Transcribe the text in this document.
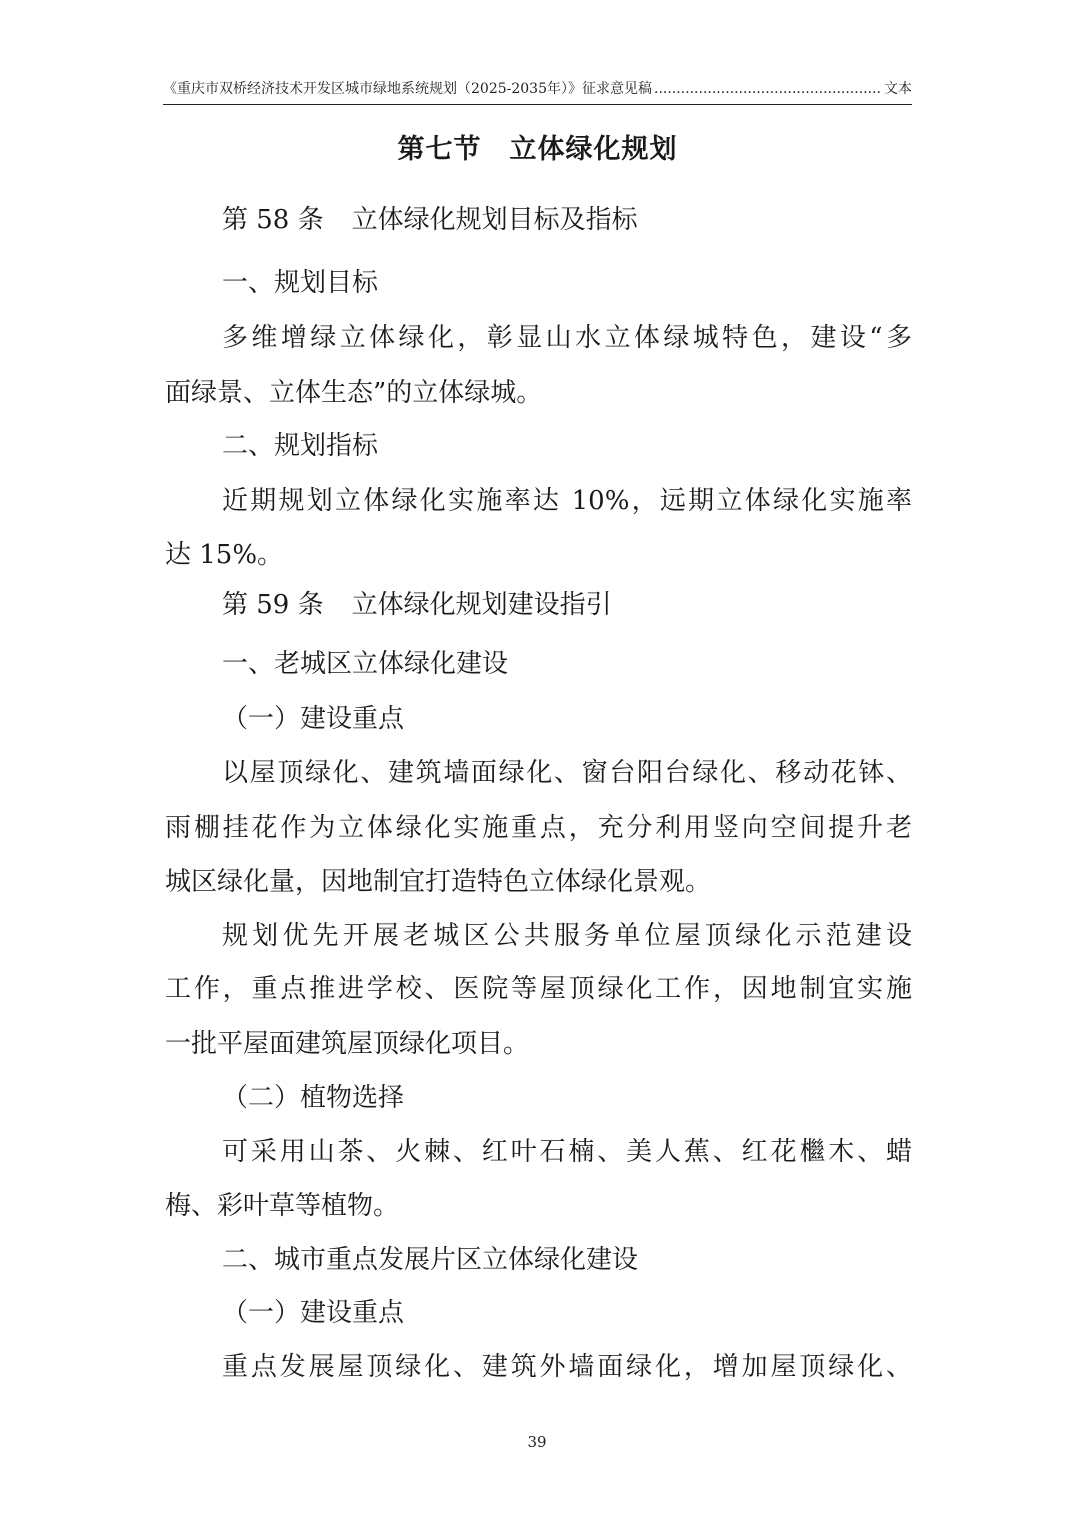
《重庆市双桥经济技术开发区城市绿地系统规划（2025-2035年）》征求意见稿
.....	文本
第七节　立体绿化规划
第 58 条 立体绿化规划目标及指标
一、规划目标
多维增绿立体绿化，彰显山水立体绿城特色，建设“多
面绿景、立体生态”的立体绿城。
二、规划指标
近期规划立体绿化实施率达 10%，远期立体绿化实施率
达 15%。
第 59 条 立体绿化规划建设指引
一、老城区立体绿化建设
（一）建设重点
以屋顶绿化、建筑墙面绿化、窗台阳台绿化、移动花钵、
雨棚挂花作为立体绿化实施重点，充分利用竖向空间提升老
城区绿化量，因地制宜打造特色立体绿化景观。
规划优先开展老城区公共服务单位屋顶绿化示范建设
工作，重点推进学校、医院等屋顶绿化工作，因地制宜实施
一批平屋面建筑屋顶绿化项目。
（二）植物选择
可采用山茶、火棘、红叶石楠、美人蕉、红花檵木、蜡
梅、彩叶草等植物。
二、城市重点发展片区立体绿化建设
（一）建设重点
重点发展屋顶绿化、建筑外墙面绿化，增加屋顶绿化、
39
